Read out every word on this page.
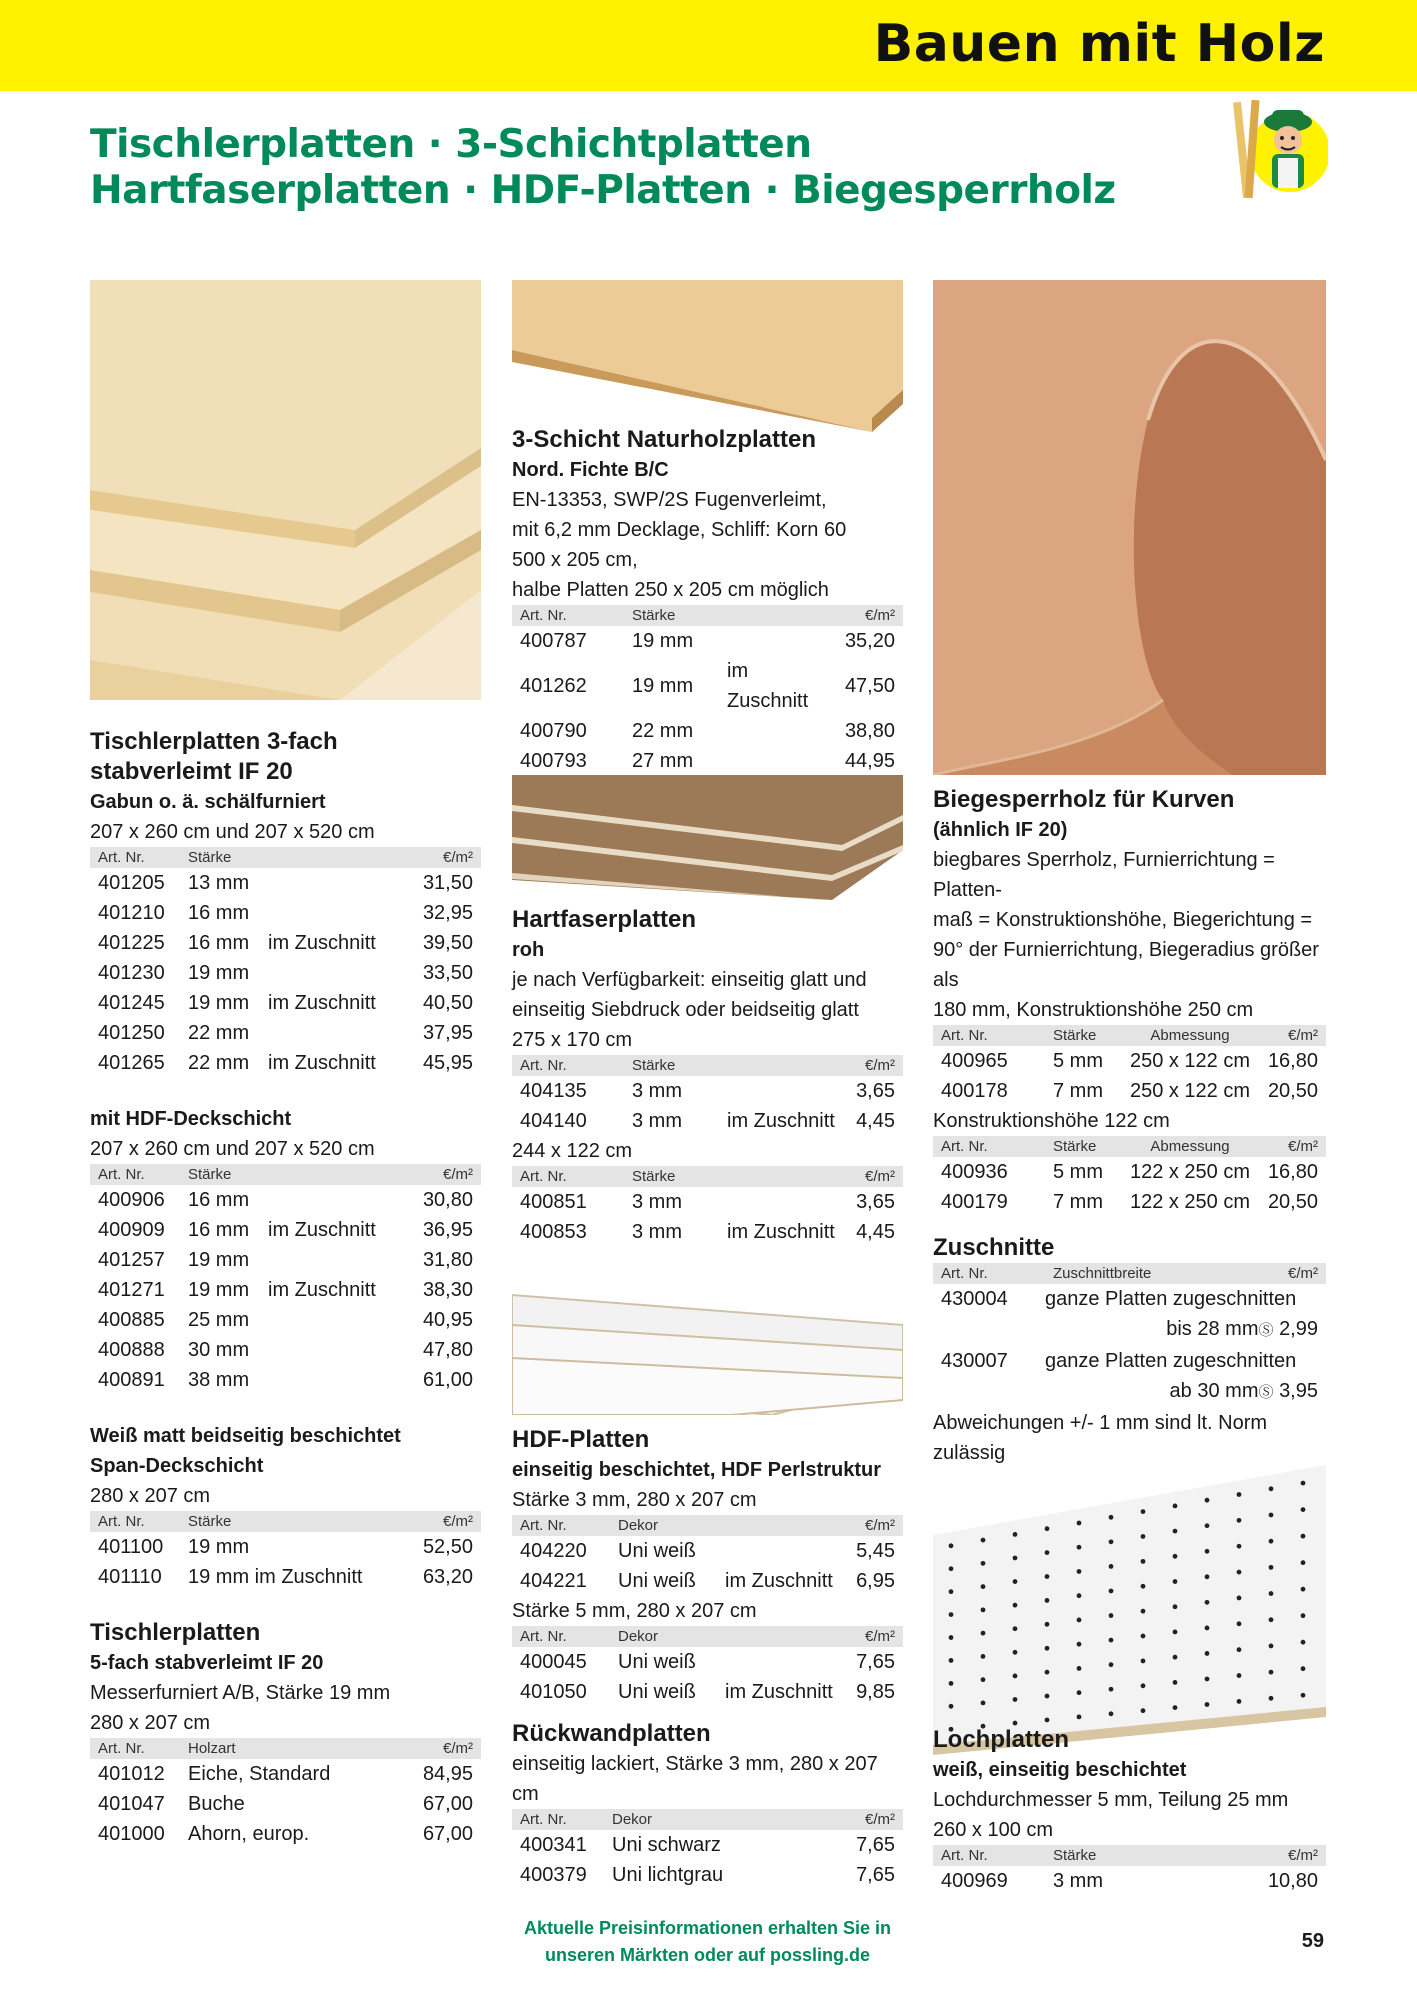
Bauen mit Holz
Tischlerplatten · 3-Schichtplatten
Hartfaserplatten · HDF-Platten · Biegesperrholz
Tischlerplatten 3-fach
stabverleimt IF 20
Gabun o. ä. schälfurniert
207 x 260 cm und 207 x 520 cm
Art. Nr.	Stärke		€/m²
401205	13 mm		31,50
401210	16 mm		32,95
401225	16 mm	im Zuschnitt	39,50
401230	19 mm		33,50
401245	19 mm	im Zuschnitt	40,50
401250	22 mm		37,95
401265	22 mm	im Zuschnitt	45,95
mit HDF-Deckschicht
207 x 260 cm und 207 x 520 cm
Art. Nr.	Stärke		€/m²
400906	16 mm		30,80
400909	16 mm	im Zuschnitt	36,95
401257	19 mm		31,80
401271	19 mm	im Zuschnitt	38,30
400885	25 mm		40,95
400888	30 mm		47,80
400891	38 mm		61,00
Weiß matt beidseitig beschichtet
Span-Deckschicht
280 x 207 cm
Art. Nr.	Stärke		€/m²
401100	19 mm		52,50
401110	19 mm im Zuschnitt		63,20
Tischlerplatten
5-fach stabverleimt IF 20
Messerfurniert A/B, Stärke 19 mm
280 x 207 cm
Art. Nr.	Holzart		€/m²
401012	Eiche, Standard		84,95
401047	Buche		67,00
401000	Ahorn, europ.		67,00
3-Schicht Naturholzplatten
Nord. Fichte B/C
EN-13353, SWP/2S Fugenverleimt,
mit 6,2 mm Decklage, Schliff: Korn 60
500 x 205 cm,
halbe Platten 250 x 205 cm möglich
Art. Nr.	Stärke		€/m²
400787	19 mm		35,20
401262	19 mm	im Zuschnitt	47,50
400790	22 mm		38,80
400793	27 mm		44,95
Hartfaserplatten
roh
je nach Verfügbarkeit: einseitig glatt und
einseitig Siebdruck oder beidseitig glatt
275 x 170 cm
Art. Nr.	Stärke		€/m²
404135	3 mm		3,65
404140	3 mm	im Zuschnitt	4,45
244 x 122 cm
Art. Nr.	Stärke		€/m²
400851	3 mm		3,65
400853	3 mm	im Zuschnitt	4,45
HDF-Platten
einseitig beschichtet, HDF Perlstruktur
Stärke 3 mm, 280 x 207 cm
Art. Nr.	Dekor		€/m²
404220	Uni weiß		5,45
404221	Uni weiß	im Zuschnitt	6,95
Stärke 5 mm, 280 x 207 cm
Art. Nr.	Dekor		€/m²
400045	Uni weiß		7,65
401050	Uni weiß	im Zuschnitt	9,85
Rückwandplatten
einseitig lackiert, Stärke 3 mm, 280 x 207 cm
Art. Nr.	Dekor		€/m²
400341	Uni schwarz		7,65
400379	Uni lichtgrau		7,65
Biegesperrholz für Kurven
(ähnlich IF 20)
biegbares Sperrholz, Furnierrichtung = Platten-
maß = Konstruktionshöhe, Biegerichtung =
90° der Furnierrichtung, Biegeradius größer als
180 mm, Konstruktionshöhe 250 cm
Art. Nr.	Stärke	Abmessung	€/m²
400965	5 mm	250 x 122 cm	16,80
400178	7 mm	250 x 122 cm	20,50
Konstruktionshöhe 122 cm
Art. Nr.	Stärke	Abmessung	€/m²
400936	5 mm	122 x 250 cm	16,80
400179	7 mm	122 x 250 cm	20,50
Zuschnitte
Art. Nr.	Zuschnittbreite	€/m²
430004	ganze Platten zugeschnitten	
bis 28 mmⓈ 2,99		
430007	ganze Platten zugeschnitten	
ab 30 mmⓈ 3,95		
Abweichungen +/- 1 mm sind lt. Norm zulässig
Lochplatten
weiß, einseitig beschichtet
Lochdurchmesser 5 mm, Teilung 25 mm
260 x 100 cm
Art. Nr.	Stärke		€/m²
400969	3 mm		10,80
Aktuelle Preisinformationen erhalten Sie in
unseren Märkten oder auf possling.de
59
